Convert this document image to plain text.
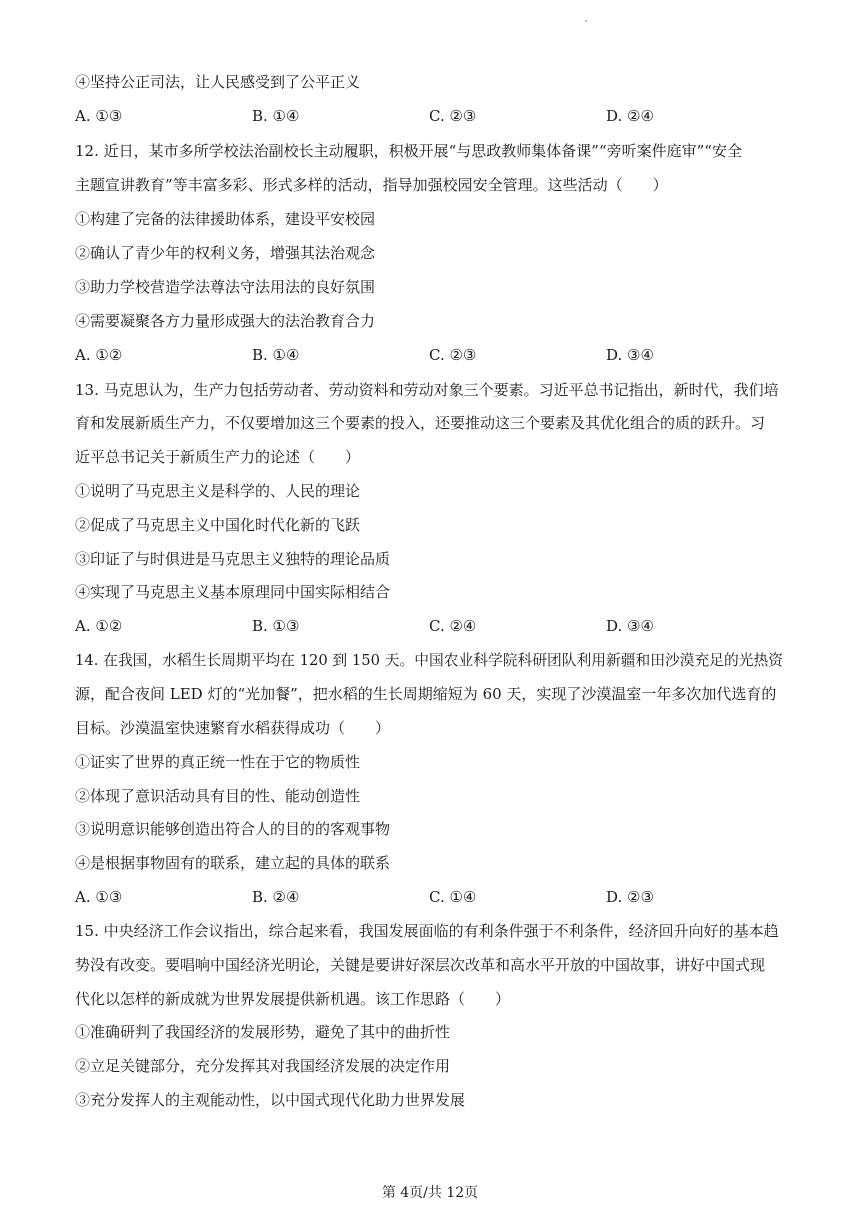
④坚持公正司法，让人民感受到了公平正义
A. ①③	B. ①④	C. ②③	D. ②④
12. 近日，某市多所学校法治副校长主动履职，积极开展“与思政教师集体备课”“旁听案件庭审”“安全
主题宣讲教育”等丰富多彩、形式多样的活动，指导加强校园安全管理。这些活动（　　）
①构建了完备的法律援助体系，建设平安校园
②确认了青少年的权利义务，增强其法治观念
③助力学校营造学法尊法守法用法的良好氛围
④需要凝聚各方力量形成强大的法治教育合力
A. ①②	B. ①④	C. ②③	D. ③④
13. 马克思认为，生产力包括劳动者、劳动资料和劳动对象三个要素。习近平总书记指出，新时代，我们培
育和发展新质生产力，不仅要增加这三个要素的投入，还要推动这三个要素及其优化组合的质的跃升。习
近平总书记关于新质生产力的论述（　　）
①说明了马克思主义是科学的、人民的理论
②促成了马克思主义中国化时代化新的飞跃
③印证了与时俱进是马克思主义独特的理论品质
④实现了马克思主义基本原理同中国实际相结合
A. ①②	B. ①③	C. ②④	D. ③④
14. 在我国，水稻生长周期平均在 120 到 150 天。中国农业科学院科研团队利用新疆和田沙漠充足的光热资
源，配合夜间 LED 灯的“光加餐”，把水稻的生长周期缩短为 60 天，实现了沙漠温室一年多次加代选育的
目标。沙漠温室快速繁育水稻获得成功（　　）
①证实了世界的真正统一性在于它的物质性
②体现了意识活动具有目的性、能动创造性
③说明意识能够创造出符合人的目的的客观事物
④是根据事物固有的联系，建立起的具体的联系
A. ①③	B. ②④	C. ①④	D. ②③
15. 中央经济工作会议指出，综合起来看，我国发展面临的有利条件强于不利条件，经济回升向好的基本趋
势没有改变。要唱响中国经济光明论，关键是要讲好深层次改革和高水平开放的中国故事，讲好中国式现
代化以怎样的新成就为世界发展提供新机遇。该工作思路（　　）
①准确研判了我国经济的发展形势，避免了其中的曲折性
②立足关键部分，充分发挥其对我国经济发展的决定作用
③充分发挥人的主观能动性，以中国式现代化助力世界发展
第 4页/共 12页
